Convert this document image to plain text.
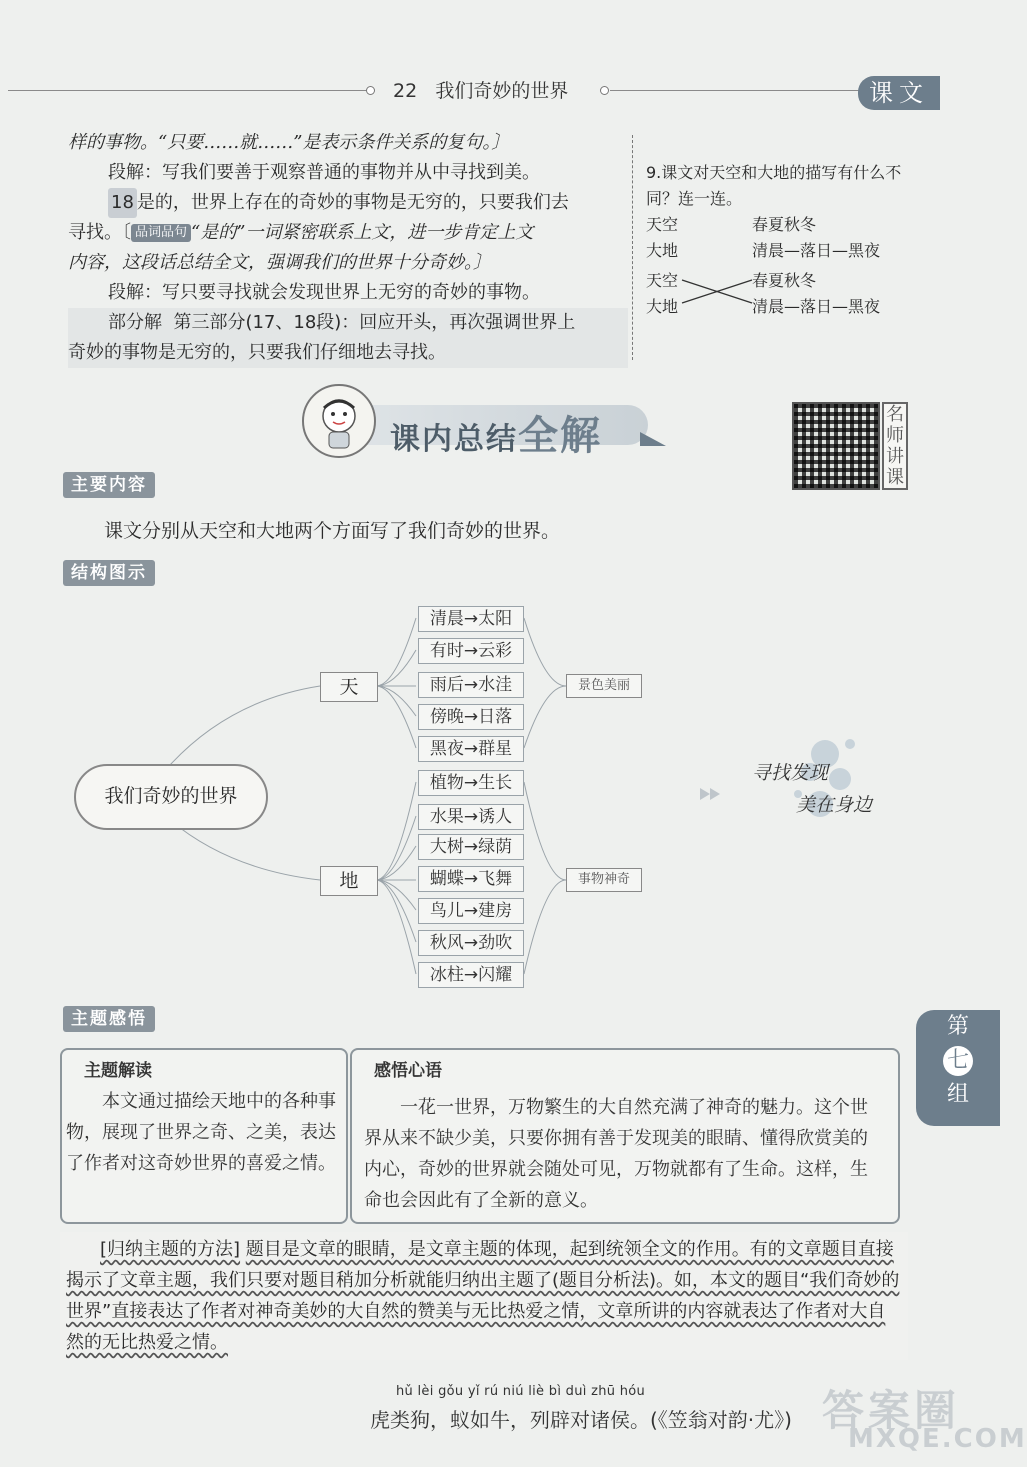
22 我们奇妙的世界	课文

样的事物。“只要……就……”是表示条件关系的复句。〕

段解：写我们要善于观察普通的事物并从中寻找到美。

18 是的，世界上存在的奇妙的事物是无穷的，只要我们去

寻找。〔 品词品句 “是的”一词紧密联系上文，进一步肯定上文

内容，这段话总结全文，强调我们的世界十分奇妙。〕

段解：写只要寻找就会发现世界上无穷的奇妙的事物。

部分解 第三部分(17、18段)：回应开头，再次强调世界上

奇妙的事物是无穷的，只要我们仔细地去寻找。

9.课文对天空和大地的描写有什么不同？连一连。
天空	春夏秋冬
大地	清晨—落日—黑夜
天空	春夏秋冬
大地	清晨—落日—黑夜
课内总结全解	名师讲课
主要内容
课文分别从天空和大地两个方面写了我们奇妙的世界。
结构图示
我们奇妙的世界
天
地
清晨→太阳
有时→云彩
雨后→水洼
傍晚→日落
黑夜→群星
植物→生长
水果→诱人
大树→绿荫
蝴蝶→飞舞
鸟儿→建房
秋风→劲吹
冰柱→闪耀
景色美丽
事物神奇
寻找发现
美在身边
主题感悟
主题解读
本文通过描绘天地中的各种事物，展现了世界之奇、之美，表达了作者对这奇妙世界的喜爱之情。
感悟心语
一花一世界，万物繁生的大自然充满了神奇的魅力。这个世界从来不缺少美，只要你拥有善于发现美的眼睛、懂得欣赏美的内心，奇妙的世界就会随处可见，万物就都有了生命。这样，生命也会因此有了全新的意义。

[归纳主题的方法] 题目是文章的眼睛，是文章主题的体现，起到统领全文的作用。有的文章题目直接揭示了文章主题，我们只要对题目稍加分析就能归纳出主题了(题目分析法)。如，本文的题目“我们奇妙的世界”直接表达了作者对神奇美妙的大自然的赞美与无比热爱之情，文章所讲的内容就表达了作者对大自然的无比热爱之情。

第
七
组
答案圈
MXQE.COM
hǔ lèi gǒu yǐ rú niú liè bì duì zhū hóu
虎类狗，蚁如牛，列辟对诸侯。(《笠翁对韵·尤》)
